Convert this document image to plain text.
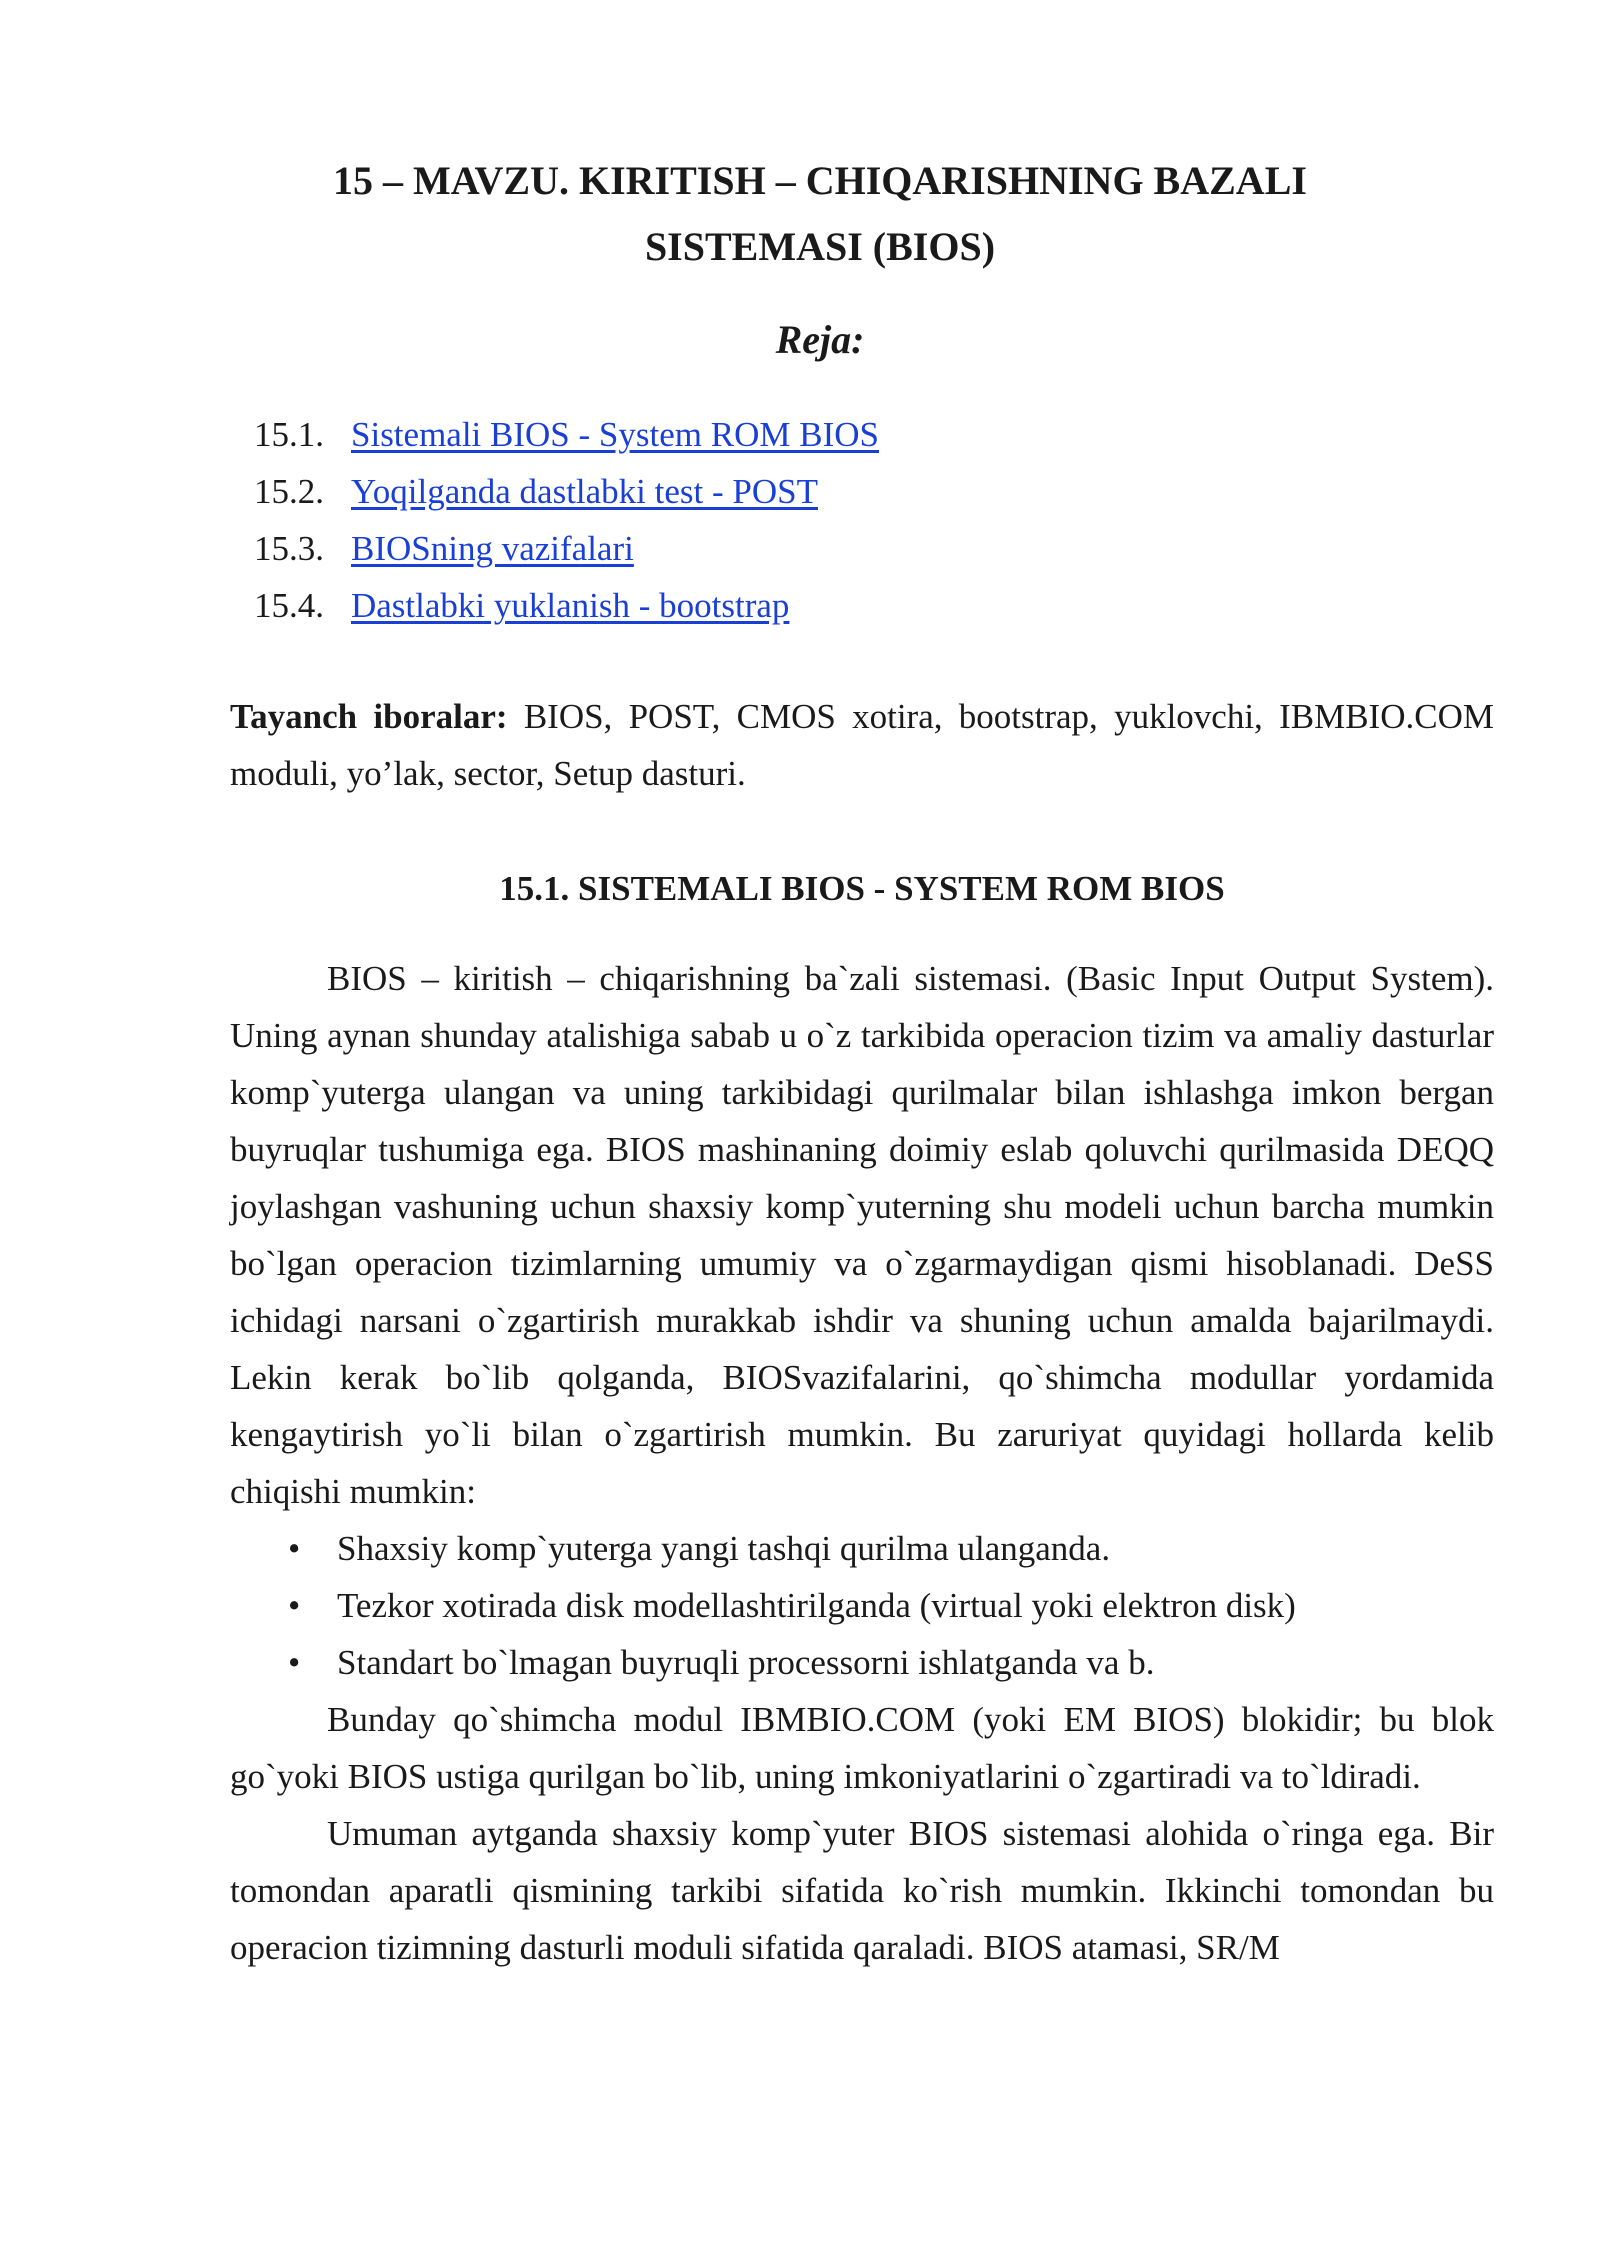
15 – MAVZU. KIRITISH – CHIQARISHNING BAZALI
SISTEMASI (BIOS)
Reja:
15.1. Sistemali BIOS - System ROM BIOS
15.2. Yoqilganda dastlabki test - POST
15.3. BIOSning vazifalari
15.4. Dastlabki yuklanish - bootstrap

Tayanch iboralar: BIOS, POST, CMOS xotira, bootstrap, yuklovchi, IBMBIO.COM moduli, yo’lak, sector, Setup dasturi.

15.1. SISTEMALI BIOS - SYSTEM ROM BIOS

BIOS – kiritish – chiqarishning ba`zali sistemasi. (Basic Input Output System). Uning aynan shunday atalishiga sabab u o`z tarkibida operacion tizim va amaliy dasturlar komp`yuterga ulangan va uning tarkibidagi qurilmalar bilan ishlashga imkon bergan buyruqlar tushumiga ega. BIOS mashinaning doimiy eslab qoluvchi qurilmasida DEQQ joylashgan vashuning uchun shaxsiy komp`yuterning shu modeli uchun barcha mumkin bo`lgan operacion tizimlarning umumiy va o`zgarmaydigan qismi hisoblanadi. DeSS ichidagi narsani o`zgartirish murakkab ishdir va shuning uchun amalda bajarilmaydi. Lekin kerak bo`lib qolganda, BIOSvazifalarini, qo`shimcha modullar yordamida kengaytirish yo`li bilan o`zgartirish mumkin. Bu zaruriyat quyidagi hollarda kelib chiqishi mumkin:

• Shaxsiy komp`yuterga yangi tashqi qurilma ulanganda.
• Tezkor xotirada disk modellashtirilganda (virtual yoki elektron disk)
• Standart bo`lmagan buyruqli processorni ishlatganda va b.

Bunday qo`shimcha modul IBMBIO.COM (yoki EM BIOS) blokidir; bu blok go`yoki BIOS ustiga qurilgan bo`lib, uning imkoniyatlarini o`zgartiradi va to`ldiradi.

Umuman aytganda shaxsiy komp`yuter BIOS sistemasi alohida o`ringa ega. Bir tomondan aparatli qismining tarkibi sifatida ko`rish mumkin. Ikkinchi tomondan bu operacion tizimning dasturli moduli sifatida qaraladi. BIOS atamasi, SR/M
